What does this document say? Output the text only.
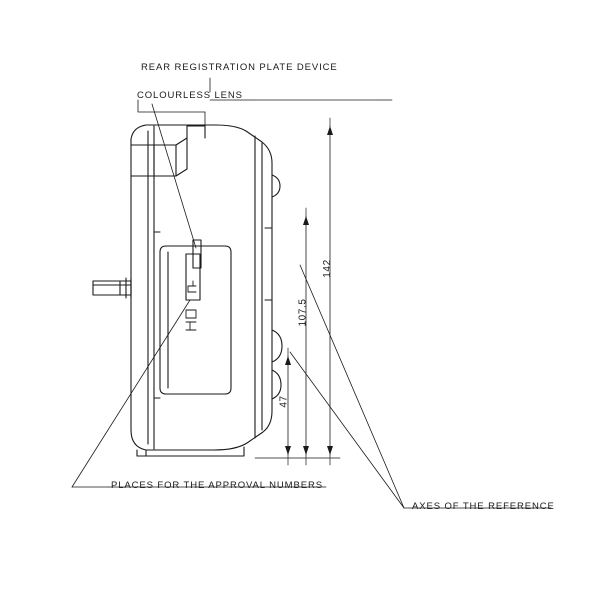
REAR REGISTRATION PLATE DEVICE
COLOURLESS LENS
PLACES FOR THE APPROVAL NUMBERS
AXES OF THE REFERENCE
142
107.5
47
